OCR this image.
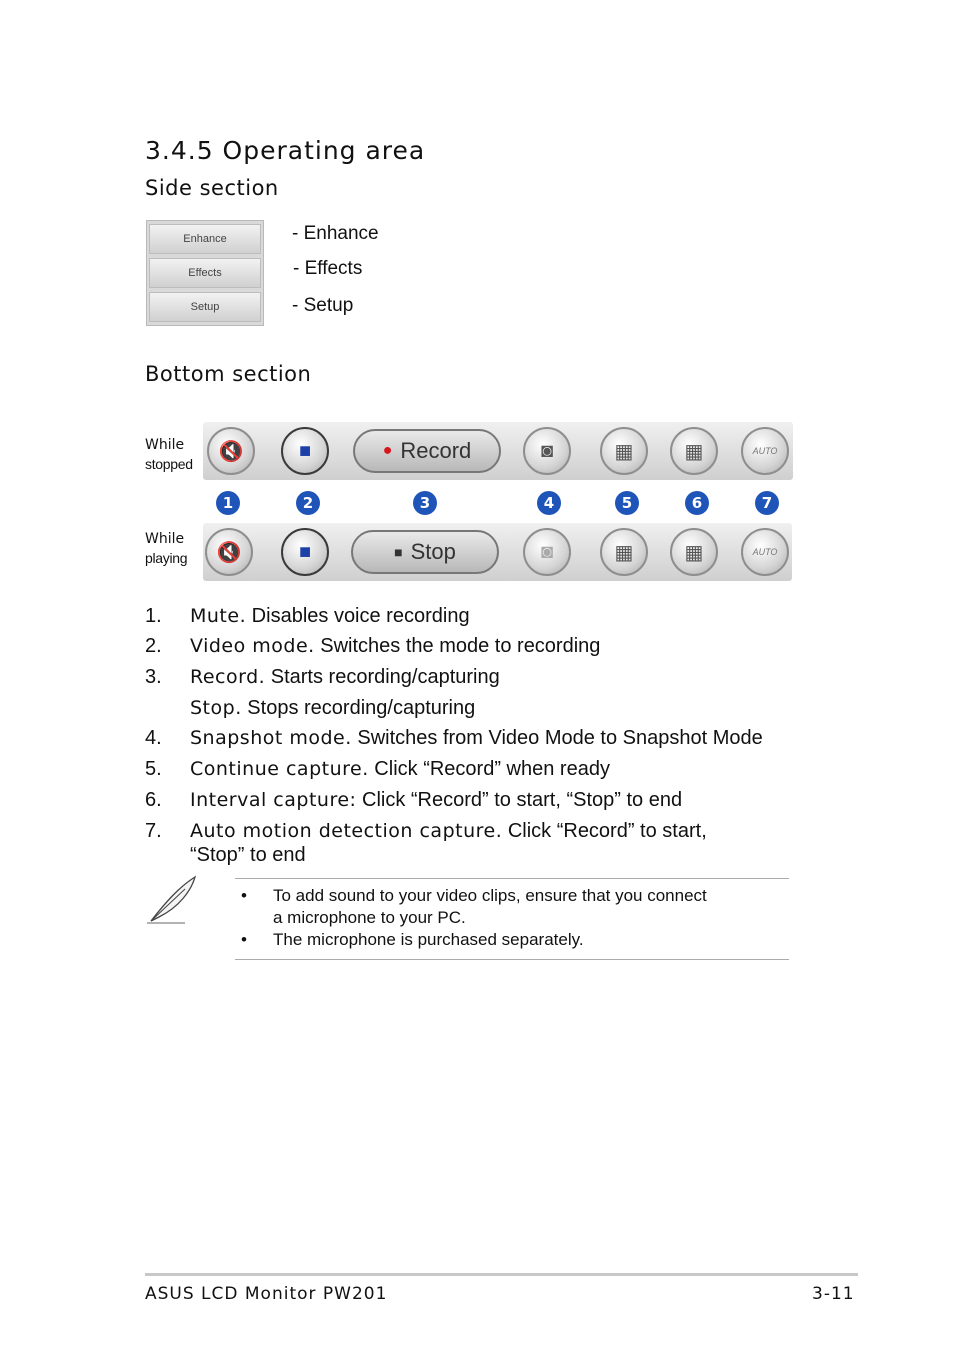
3.4.5 Operating area
Side section
Enhance
Effects
Setup
- Enhance
- Effects
- Setup
Bottom section
While
stopped
🔇	■	● Record	◙	▦	▦	AUTO
1	2	3	4	5	6	7
While
playing 🔇	■	■ Stop	◙	▦	▦	AUTO
1. Mute. Disables voice recording
2. Video mode. Switches the mode to recording
3. Record. Starts recording/capturing
Stop. Stops recording/capturing
4. Snapshot mode. Switches from Video Mode to Snapshot Mode
5. Continue capture. Click “Record” when ready
6. Interval capture: Click “Record” to start, “Stop” to end
7. Auto motion detection capture. Click “Record” to start,
“Stop” to end
• To add sound to your video clips, ensure that you connect
a microphone to your PC.
• The microphone is purchased separately.
ASUS LCD Monitor PW201	3-11
